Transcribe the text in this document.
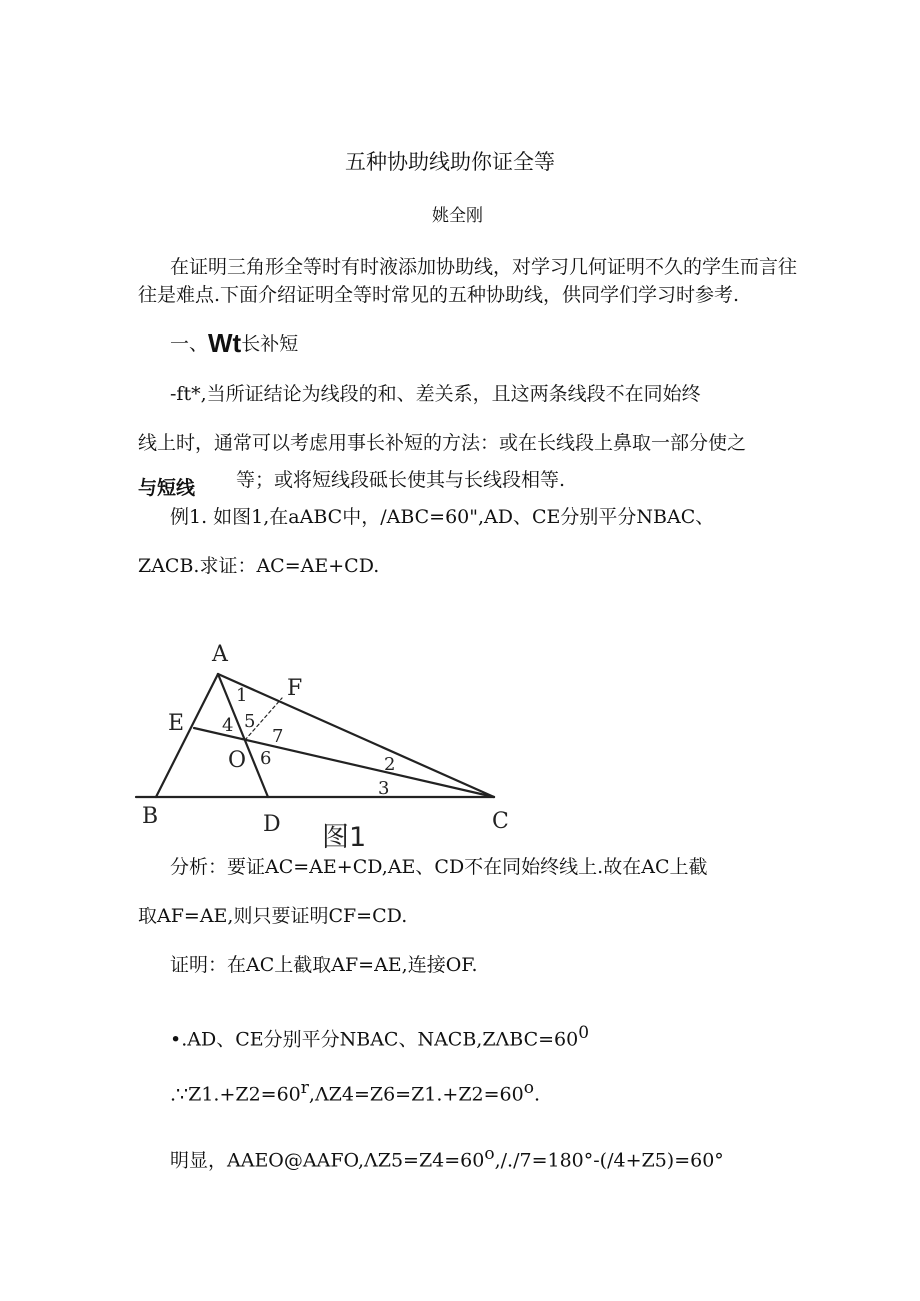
五种协助线助你证全等
姚全刚
在证明三角形全等时有时液添加协助线，对学习几何证明不久的学生而言往
往是难点.下面介绍证明全等时常见的五种协助线，供同学们学习时参考.
一、Wt长补短
-ft*,当所证结论为线段的和、差关系，且这两条线段不在同始终
线上时，通常可以考虑用事长补短的方法：或在长线段上鼻取一部分使之
与短线 等；或将短线段砥长使其与长线段相等.
例1. 如图1,在aABC中，/ABC=60",AD、CE分别平分NBAC、
ZACB.求证：AC=AE+CD.
A
B	C
D
E
F
O
1
2
3
4 5
6
7
图1
分析：要证AC=AE+CD,AE、CD不在同始终线上.故在AC上截
取AF=AE,则只要证明CF=CD.
证明：在AC上截取AF=AE,连接OF.
•.AD、CE分别平分NBAC、$NACB,Z\Lambda BC=60^0$
$.\because Z1.+Z2=60^r,\Lambda Z4=Z6=Z1.+Z2=60^o$.
明显，$AAEO@AAFO,\Lambda Z5=Z4=60^o,/./7=180^\circ-(/4+Z5)=60^\circ$
